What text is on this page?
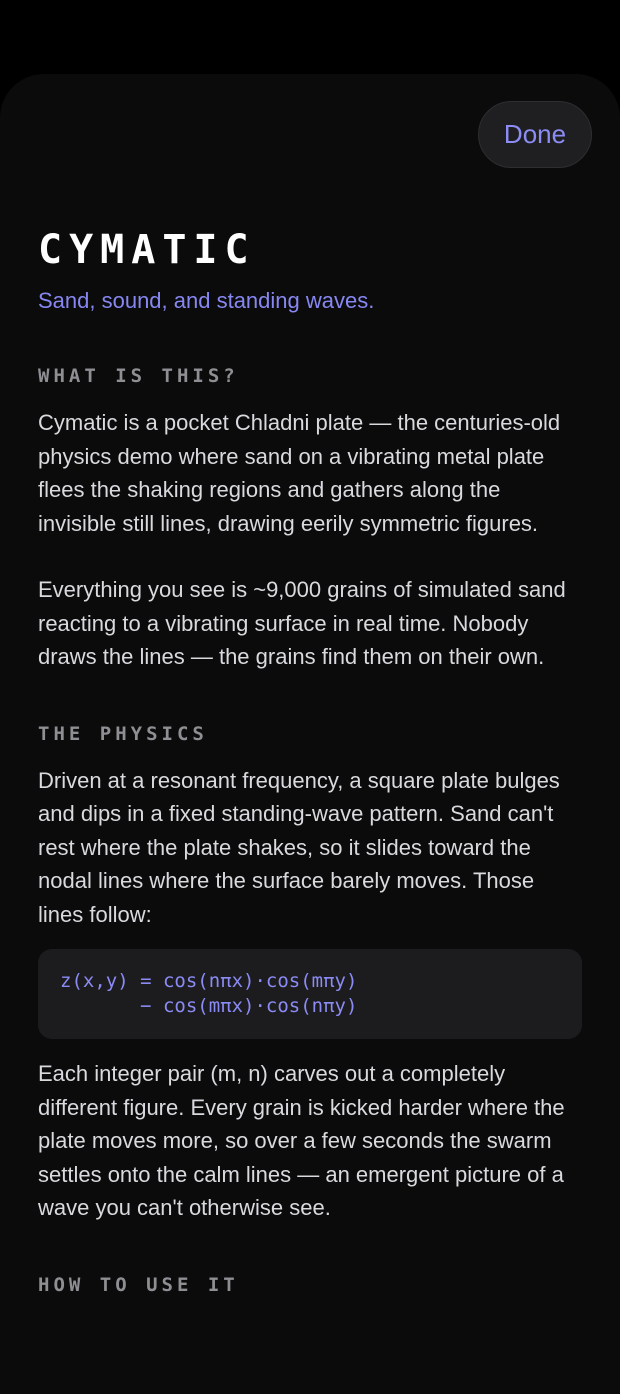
Done
CYMATIC

Sand, sound, and standing waves.

WHAT IS THIS?

Cymatic is a pocket Chladni plate — the centuries-old physics demo where sand on a vibrating metal plate flees the shaking regions and gathers along the invisible still lines, drawing eerily symmetric figures.

Everything you see is ~9,000 grains of simulated sand reacting to a vibrating surface in real time. Nobody draws the lines — the grains find them on their own.

THE PHYSICS

Driven at a resonant frequency, a square plate bulges and dips in a fixed standing-wave pattern. Sand can't rest where the plate shakes, so it slides toward the nodal lines where the surface barely moves. Those lines follow:

z(x,y) = cos(nπx)·cos(mπy)
− cos(mπx)·cos(nπy)

Each integer pair (m, n) carves out a completely different figure. Every grain is kicked harder where the plate moves more, so over a few seconds the swarm settles onto the calm lines — an emergent picture of a wave you can't otherwise see.

HOW TO USE IT
